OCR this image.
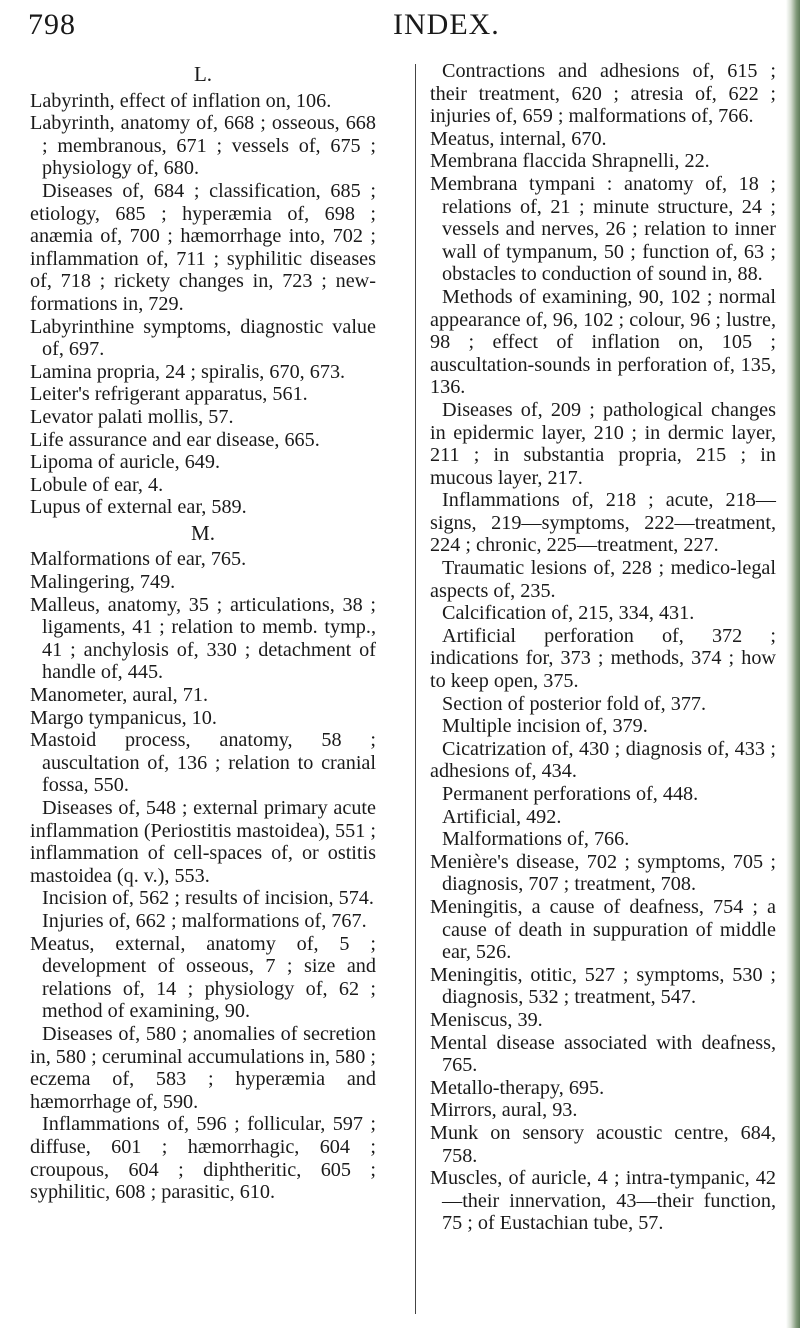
798	INDEX.
L.
Labyrinth, effect of inflation on, 106.
Labyrinth, anatomy of, 668 ; osseous, 668 ; membranous, 671 ; vessels of, 675 ; physiology of, 680.
Diseases of, 684 ; classification, 685 ; etiology, 685 ; hyperæmia of, 698 ; anæmia of, 700 ; hæmorrhage into, 702 ; inflammation of, 711 ; syphilitic diseases of, 718 ; rickety changes in, 723 ; new-formations in, 729.
Labyrinthine symptoms, diagnostic value of, 697.
Lamina propria, 24 ; spiralis, 670, 673.
Leiter's refrigerant apparatus, 561.
Levator palati mollis, 57.
Life assurance and ear disease, 665.
Lipoma of auricle, 649.
Lobule of ear, 4.
Lupus of external ear, 589.
M.
Malformations of ear, 765.
Malingering, 749.
Malleus, anatomy, 35 ; articulations, 38 ; ligaments, 41 ; relation to memb. tymp., 41 ; anchylosis of, 330 ; detachment of handle of, 445.
Manometer, aural, 71.
Margo tympanicus, 10.
Mastoid process, anatomy, 58 ; auscultation of, 136 ; relation to cranial fossa, 550.
Diseases of, 548 ; external primary acute inflammation (Periostitis mastoidea), 551 ; inflammation of cell-spaces of, or ostitis mastoidea (q. v.), 553.
Incision of, 562 ; results of incision, 574.
Injuries of, 662 ; malformations of, 767.
Meatus, external, anatomy of, 5 ; development of osseous, 7 ; size and relations of, 14 ; physiology of, 62 ; method of examining, 90.
Diseases of, 580 ; anomalies of secretion in, 580 ; ceruminal accumulations in, 580 ; eczema of, 583 ; hyperæmia and hæmorrhage of, 590.
Inflammations of, 596 ; follicular, 597 ; diffuse, 601 ; hæmorrhagic, 604 ; croupous, 604 ; diphtheritic, 605 ; syphilitic, 608 ; parasitic, 610.
Contractions and adhesions of, 615 ; their treatment, 620 ; atresia of, 622 ; injuries of, 659 ; malformations of, 766.
Meatus, internal, 670.
Membrana flaccida Shrapnelli, 22.
Membrana tympani : anatomy of, 18 ; relations of, 21 ; minute structure, 24 ; vessels and nerves, 26 ; relation to inner wall of tympanum, 50 ; function of, 63 ; obstacles to conduction of sound in, 88.
Methods of examining, 90, 102 ; normal appearance of, 96, 102 ; colour, 96 ; lustre, 98 ; effect of inflation on, 105 ; auscultation-sounds in perforation of, 135, 136.
Diseases of, 209 ; pathological changes in epidermic layer, 210 ; in dermic layer, 211 ; in substantia propria, 215 ; in mucous layer, 217.
Inflammations of, 218 ; acute, 218—signs, 219—symptoms, 222—treatment, 224 ; chronic, 225—treatment, 227.
Traumatic lesions of, 228 ; medico-legal aspects of, 235.
Calcification of, 215, 334, 431.
Artificial perforation of, 372 ; indications for, 373 ; methods, 374 ; how to keep open, 375.
Section of posterior fold of, 377.
Multiple incision of, 379.
Cicatrization of, 430 ; diagnosis of, 433 ; adhesions of, 434.
Permanent perforations of, 448.
Artificial, 492.
Malformations of, 766.
Menière's disease, 702 ; symptoms, 705 ; diagnosis, 707 ; treatment, 708.
Meningitis, a cause of deafness, 754 ; a cause of death in suppuration of middle ear, 526.
Meningitis, otitic, 527 ; symptoms, 530 ; diagnosis, 532 ; treatment, 547.
Meniscus, 39.
Mental disease associated with deafness, 765.
Metallo-therapy, 695.
Mirrors, aural, 93.
Munk on sensory acoustic centre, 684, 758.
Muscles, of auricle, 4 ; intra-tympanic, 42—their innervation, 43—their function, 75 ; of Eustachian tube, 57.
